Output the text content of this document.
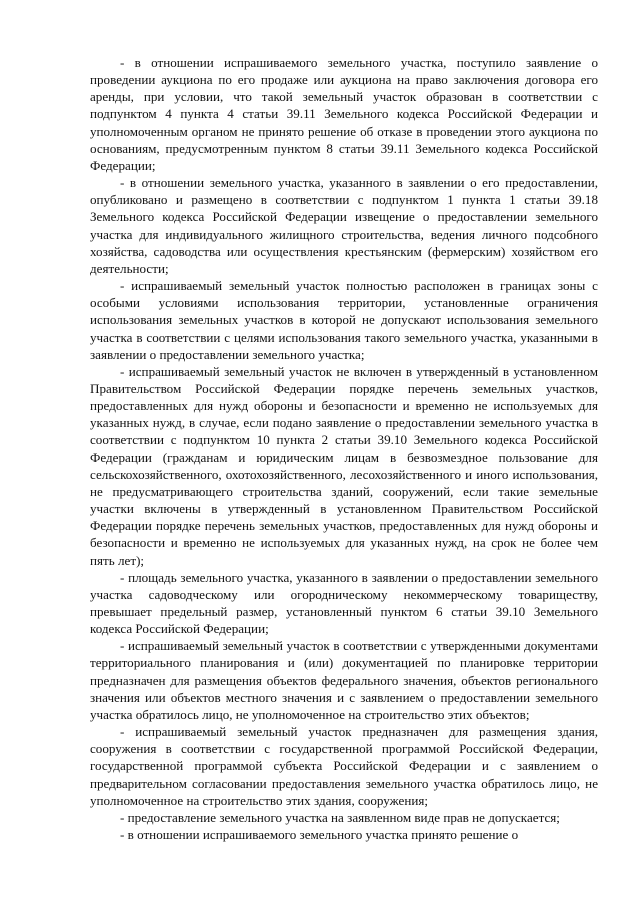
- в отношении испрашиваемого земельного участка, поступило заявление о проведении аукциона по его продаже или аукциона на право заключения договора его аренды, при условии, что такой земельный участок образован в соответствии с подпунктом 4 пункта 4 статьи 39.11 Земельного кодекса Российской Федерации и уполномоченным органом не принято решение об отказе в проведении этого аукциона по основаниям, предусмотренным пунктом 8 статьи 39.11 Земельного кодекса Российской Федерации;

- в отношении земельного участка, указанного в заявлении о его предоставлении, опубликовано и размещено в соответствии с подпунктом 1 пункта 1 статьи 39.18 Земельного кодекса Российской Федерации извещение о предоставлении земельного участка для индивидуального жилищного строительства, ведения личного подсобного хозяйства, садоводства или осуществления крестьянским (фермерским) хозяйством его деятельности;

- испрашиваемый земельный участок полностью расположен в границах зоны с особыми условиями использования территории, установленные ограничения использования земельных участков в которой не допускают использования земельного участка в соответствии с целями использования такого земельного участка, указанными в заявлении о предоставлении земельного участка;

- испрашиваемый земельный участок не включен в утвержденный в установленном Правительством Российской Федерации порядке перечень земельных участков, предоставленных для нужд обороны и безопасности и временно не используемых для указанных нужд, в случае, если подано заявление о предоставлении земельного участка в соответствии с подпунктом 10 пункта 2 статьи 39.10 Земельного кодекса Российской Федерации (гражданам и юридическим лицам в безвозмездное пользование для сельскохозяйственного, охотохозяйственного, лесохозяйственного и иного использования, не предусматривающего строительства зданий, сооружений, если такие земельные участки включены в утвержденный в установленном Правительством Российской Федерации порядке перечень земельных участков, предоставленных для нужд обороны и безопасности и временно не используемых для указанных нужд, на срок не более чем пять лет);

- площадь земельного участка, указанного в заявлении о предоставлении земельного участка садоводческому или огородническому некоммерческому товариществу, превышает предельный размер, установленный пунктом 6 статьи 39.10 Земельного кодекса Российской Федерации;

- испрашиваемый земельный участок в соответствии с утвержденными документами территориального планирования и (или) документацией по планировке территории предназначен для размещения объектов федерального значения, объектов регионального значения или объектов местного значения и с заявлением о предоставлении земельного участка обратилось лицо, не уполномоченное на строительство этих объектов;

- испрашиваемый земельный участок предназначен для размещения здания, сооружения в соответствии с государственной программой Российской Федерации, государственной программой субъекта Российской Федерации и с заявлением о предварительном согласовании предоставления земельного участка обратилось лицо, не уполномоченное на строительство этих здания, сооружения;

- предоставление земельного участка на заявленном виде прав не допускается;

- в отношении испрашиваемого земельного участка принято решение о
